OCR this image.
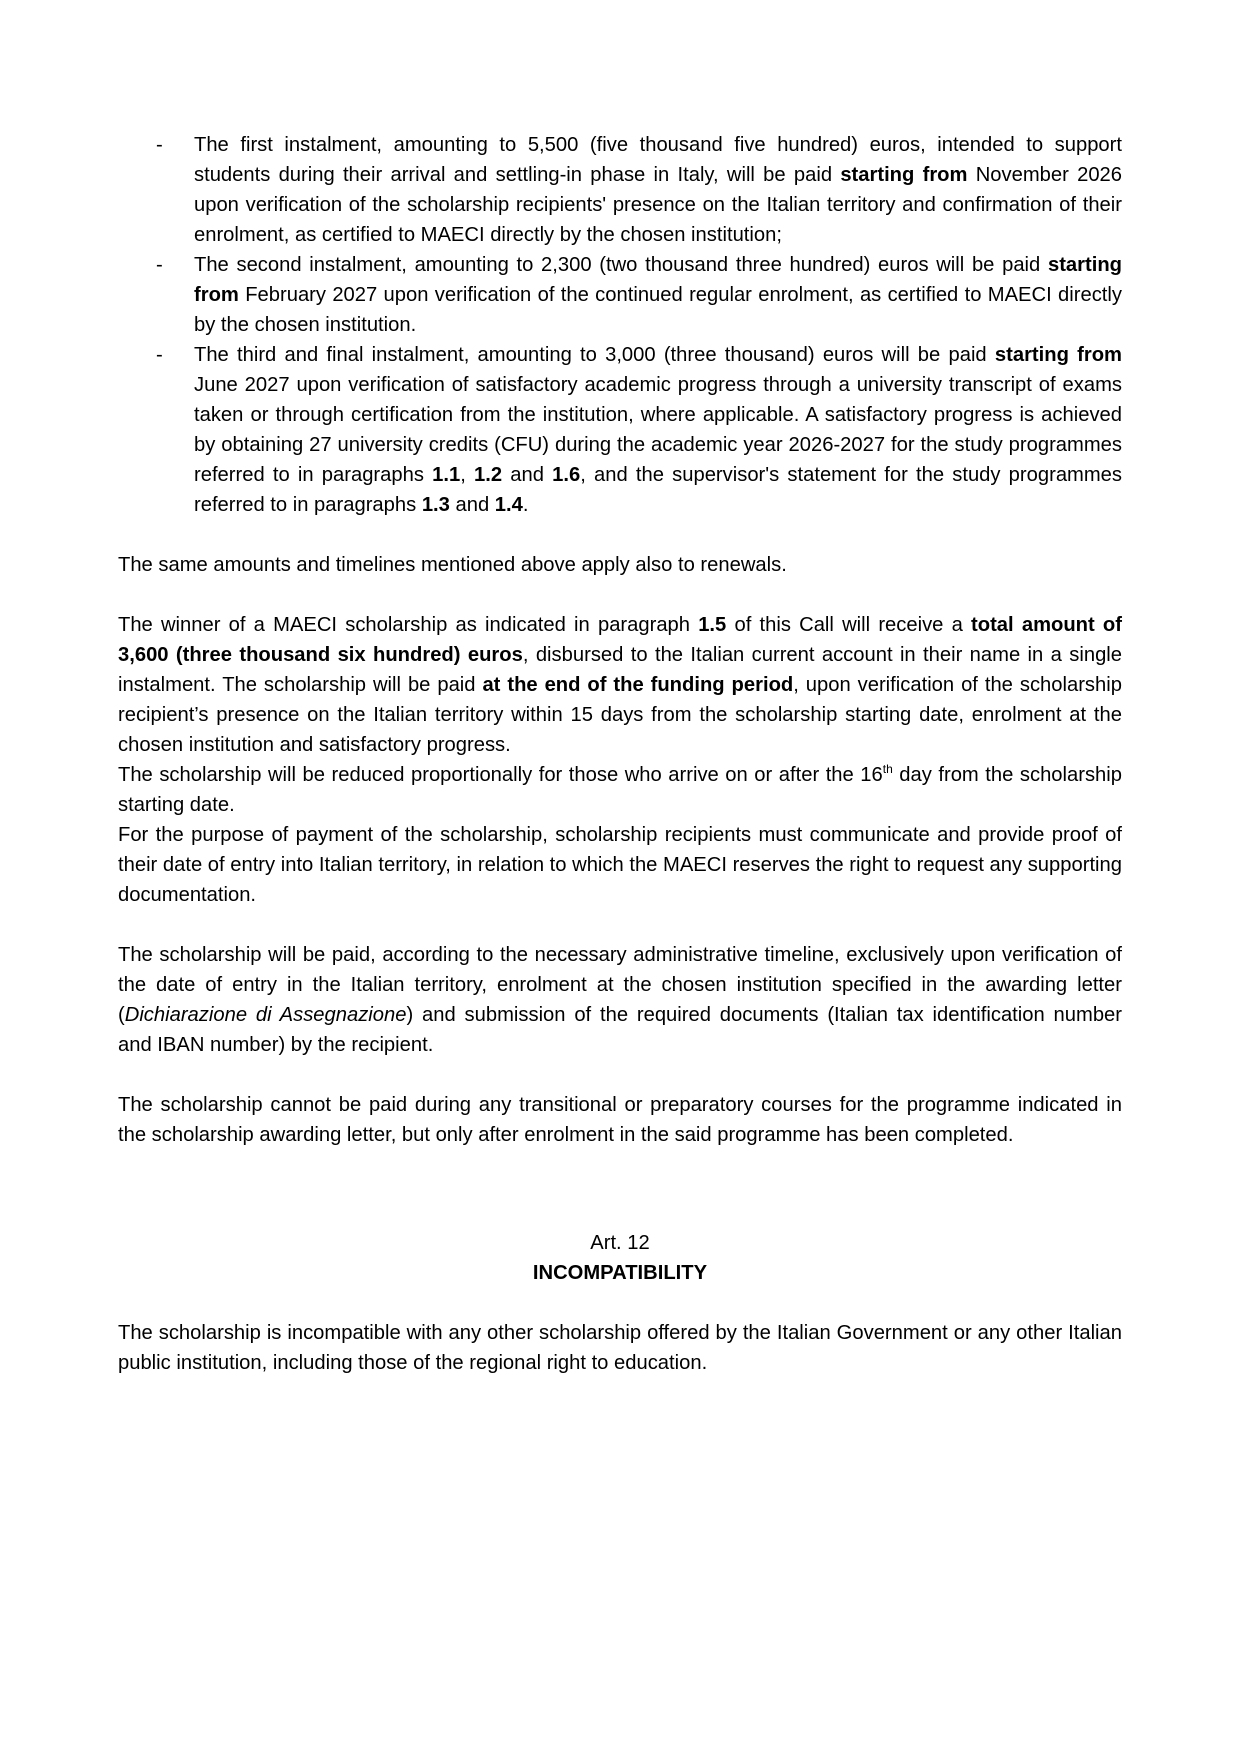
- The first instalment, amounting to 5,500 (five thousand five hundred) euros, intended to support students during their arrival and settling-in phase in Italy, will be paid starting from November 2026 upon verification of the scholarship recipients' presence on the Italian territory and confirmation of their enrolment, as certified to MAECI directly by the chosen institution;
- The second instalment, amounting to 2,300 (two thousand three hundred) euros will be paid starting from February 2027 upon verification of the continued regular enrolment, as certified to MAECI directly by the chosen institution.
- The third and final instalment, amounting to 3,000 (three thousand) euros will be paid starting from June 2027 upon verification of satisfactory academic progress through a university transcript of exams taken or through certification from the institution, where applicable. A satisfactory progress is achieved by obtaining 27 university credits (CFU) during the academic year 2026-2027 for the study programmes referred to in paragraphs 1.1, 1.2 and 1.6, and the supervisor's statement for the study programmes referred to in paragraphs 1.3 and 1.4.

The same amounts and timelines mentioned above apply also to renewals.

The winner of a MAECI scholarship as indicated in paragraph 1.5 of this Call will receive a total amount of 3,600 (three thousand six hundred) euros, disbursed to the Italian current account in their name in a single instalment. The scholarship will be paid at the end of the funding period, upon verification of the scholarship recipient’s presence on the Italian territory within 15 days from the scholarship starting date, enrolment at the chosen institution and satisfactory progress.

The scholarship will be reduced proportionally for those who arrive on or after the 16th day from the scholarship starting date.

For the purpose of payment of the scholarship, scholarship recipients must communicate and provide proof of their date of entry into Italian territory, in relation to which the MAECI reserves the right to request any supporting documentation.

The scholarship will be paid, according to the necessary administrative timeline, exclusively upon verification of the date of entry in the Italian territory, enrolment at the chosen institution specified in the awarding letter (Dichiarazione di Assegnazione) and submission of the required documents (Italian tax identification number and IBAN number) by the recipient.

The scholarship cannot be paid during any transitional or preparatory courses for the programme indicated in the scholarship awarding letter, but only after enrolment in the said programme has been completed.

Art. 12

INCOMPATIBILITY

The scholarship is incompatible with any other scholarship offered by the Italian Government or any other Italian public institution, including those of the regional right to education.
